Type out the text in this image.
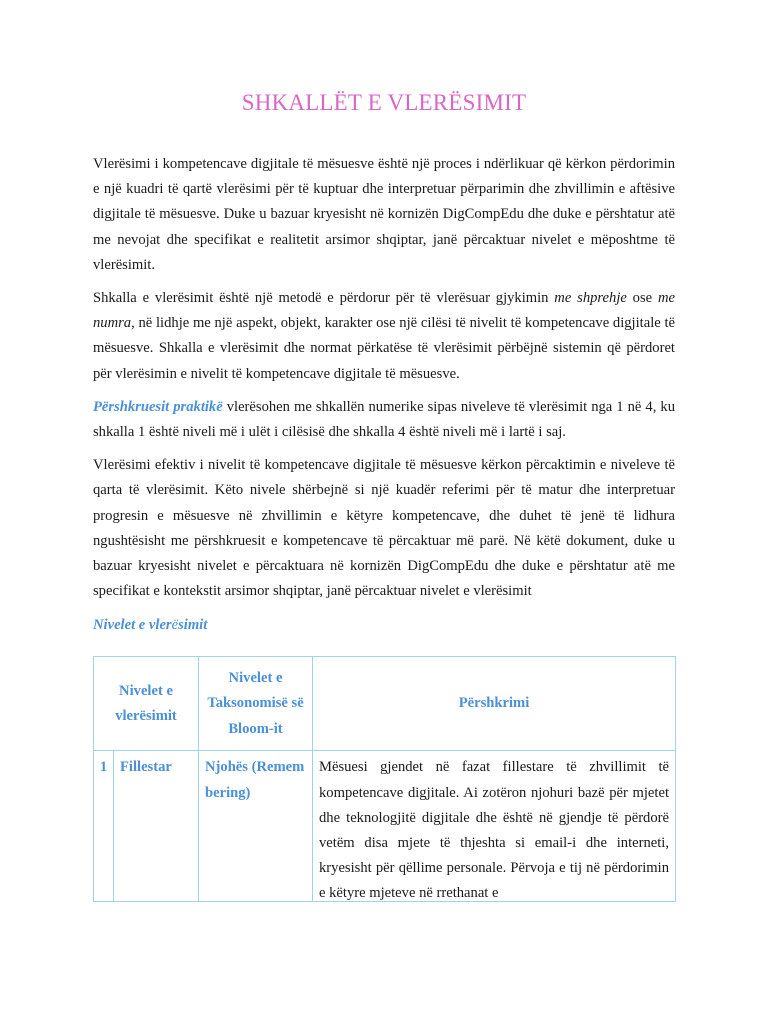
SHKALLËT E VLERËSIMIT

Vlerësimi i kompetencave digjitale të mësuesve është një proces i ndërlikuar që kërkon përdorimin e një kuadri të qartë vlerësimi për të kuptuar dhe interpretuar përparimin dhe zhvillimin e aftësive digjitale të mësuesve. Duke u bazuar kryesisht në kornizën DigCompEdu dhe duke e përshtatur atë me nevojat dhe specifikat e realitetit arsimor shqiptar, janë përcaktuar nivelet e mëposhtme të vlerësimit.

Shkalla e vlerësimit është një metodë e përdorur për të vlerësuar gjykimin me shprehje ose me numra, në lidhje me një aspekt, objekt, karakter ose një cilësi të nivelit të kompetencave digjitale të mësuesve. Shkalla e vlerësimit dhe normat përkatëse të vlerësimit përbëjnë sistemin që përdoret për vlerësimin e nivelit të kompetencave digjitale të mësuesve.

Përshkruesit praktikë vlerësohen me shkallën numerike sipas niveleve të vlerësimit nga 1 në 4, ku shkalla 1 është niveli më i ulët i cilësisë dhe shkalla 4 është niveli më i lartë i saj.

Vlerësimi efektiv i nivelit të kompetencave digjitale të mësuesve kërkon përcaktimin e niveleve të qarta të vlerësimit. Këto nivele shërbejnë si një kuadër referimi për të matur dhe interpretuar progresin e mësuesve në zhvillimin e këtyre kompetencave, dhe duhet të jenë të lidhura ngushtësisht me përshkruesit e kompetencave të përcaktuar më parë. Në këtë dokument, duke u bazuar kryesisht nivelet e përcaktuara në kornizën DigCompEdu dhe duke e përshtatur atë me specifikat e kontekstit arsimor shqiptar, janë përcaktuar nivelet e vlerësimit

Nivelet e vlerësimit

Nivelet e vlerësimit		Nivelet e Taksonomisë së Bloom-it	Përshkrimi
1	Fillestar	Njohës (Remembering)	Mësuesi gjendet në fazat fillestare të zhvillimit të kompetencave digjitale. Ai zotëron njohuri bazë për mjetet dhe teknologjitë digjitale dhe është në gjendje të përdorë vetëm disa mjete të thjeshta si email-i dhe interneti, kryesisht për qëllime personale. Përvoja e tij në përdorimin e këtyre mjeteve në rrethanat e
